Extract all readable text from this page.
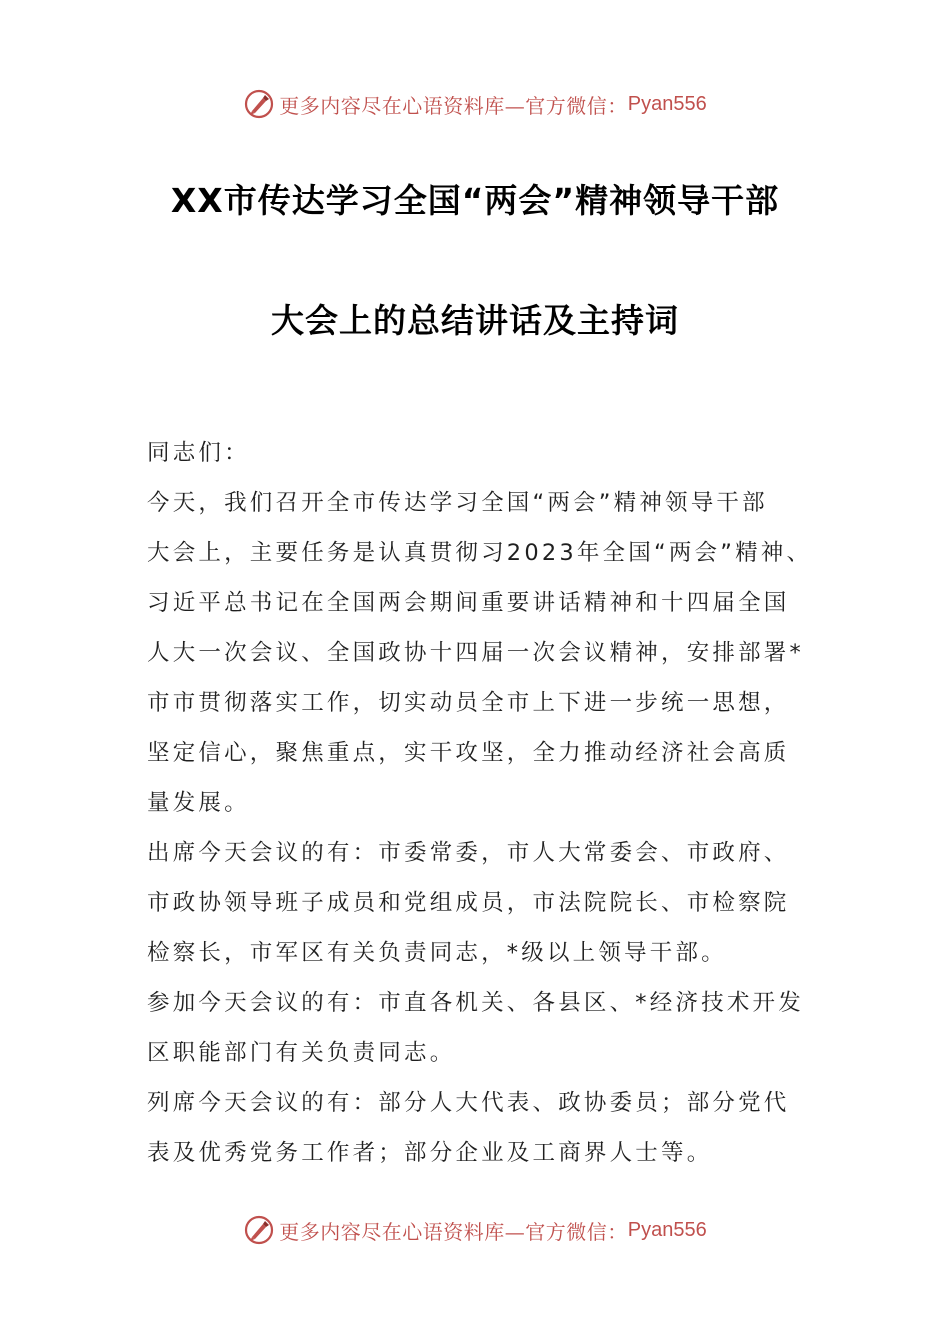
更多内容尽在心语资料库—官方微信： Pyan556
XX市传达学习全国“两会”精神领导干部
大会上的总结讲话及主持词

同志们：

今天，我们召开全市传达学习全国“两会”精神领导干部

大会上，主要任务是认真贯彻习2023年全国“两会”精神、

习近平总书记在全国两会期间重要讲话精神和十四届全国

人大一次会议、全国政协十四届一次会议精神，安排部署*

市市贯彻落实工作，切实动员全市上下进一步统一思想，

坚定信心，聚焦重点，实干攻坚，全力推动经济社会高质

量发展。

出席今天会议的有：市委常委，市人大常委会、市政府、

市政协领导班子成员和党组成员，市法院院长、市检察院

检察长，市军区有关负责同志，*级以上领导干部。

参加今天会议的有：市直各机关、各县区、*经济技术开发

区职能部门有关负责同志。

列席今天会议的有：部分人大代表、政协委员；部分党代

表及优秀党务工作者；部分企业及工商界人士等。

更多内容尽在心语资料库—官方微信： Pyan556
